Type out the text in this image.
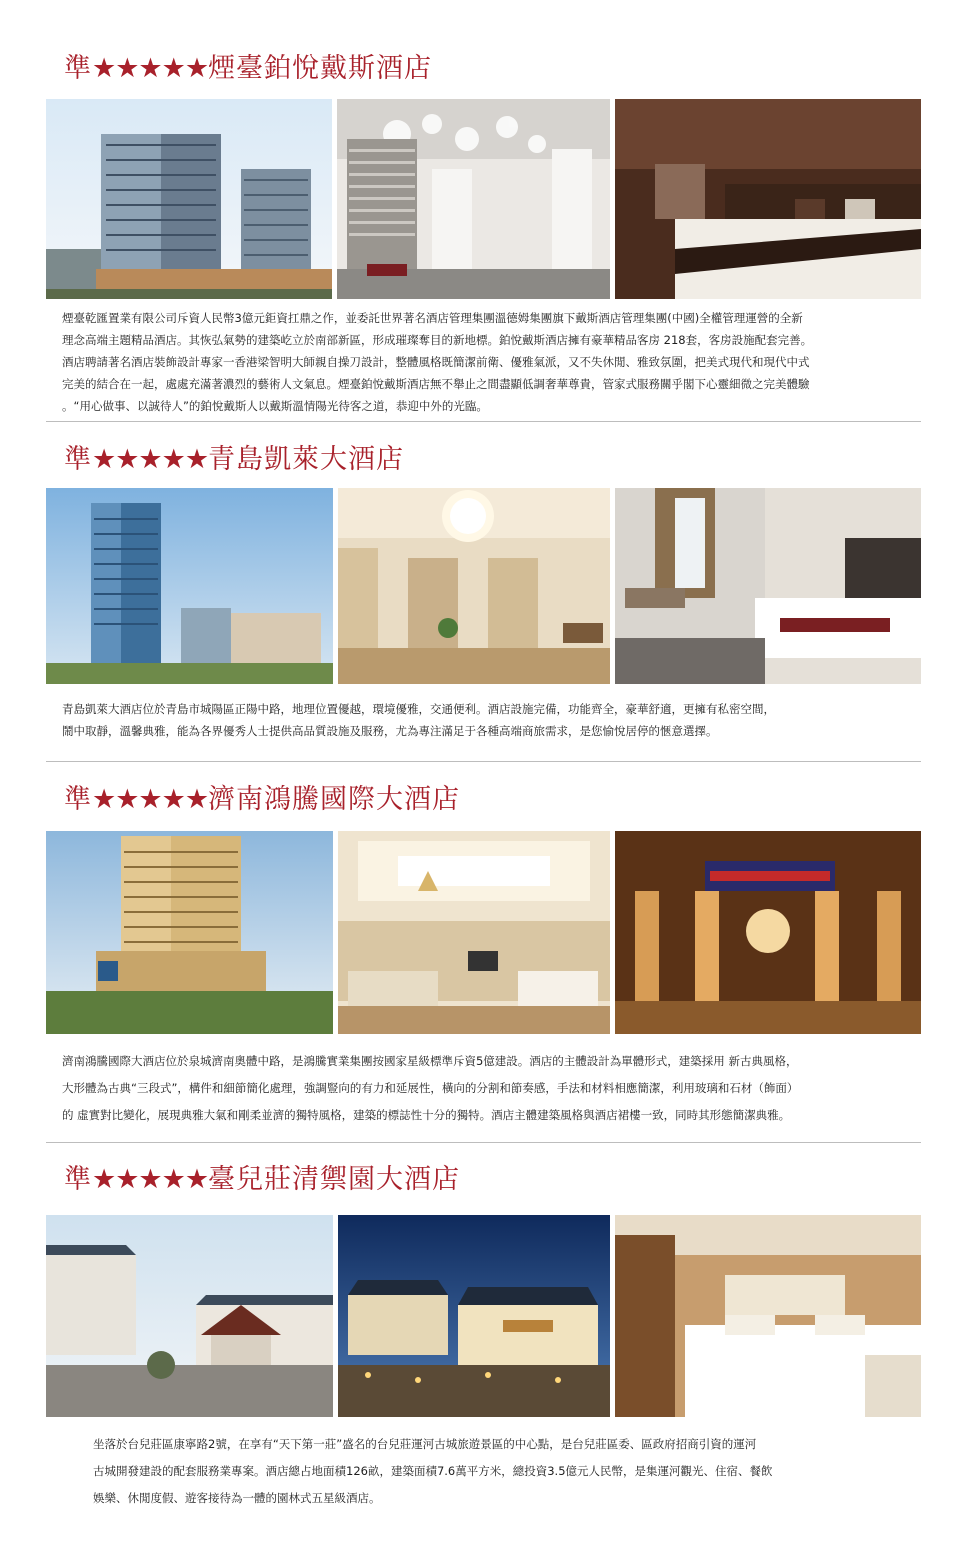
準★★★★★煙臺鉑悅戴斯酒店
煙臺乾匯置業有限公司斥資人民幣3億元鉅資扛鼎之作，並委託世界著名酒店管理集團溫德姆集團旗下戴斯酒店管理集團(中國)全權管理運營的全新
理念高端主題精品酒店。其恢弘氣勢的建築屹立於南部新區，形成璀璨奪目的新地標。鉑悅戴斯酒店擁有豪華精品客房 218套，客房設施配套完善。
酒店聘請著名酒店裝飾設計專家一香港梁智明大師親自操刀設計，整體風格既簡潔前衛、優雅氣派，又不失休閒、雅致氛圍，把美式現代和現代中式
完美的結合在一起，處處充滿著濃烈的藝術人文氣息。煙臺鉑悅戴斯酒店無不舉止之間盡顯低調奢華尊貴，管家式服務關乎閣下心靈細微之完美體驗
。“用心做事、以誠待人”的鉑悅戴斯人以戴斯溫情陽光待客之道，恭迎中外的光臨。
準★★★★★青島凱萊大酒店
青島凱萊大酒店位於青島市城陽區正陽中路，地理位置優越，環境優雅，交通便利。酒店設施完備，功能齊全，豪華舒適，更擁有私密空間，
鬧中取靜，溫馨典雅，能為各界優秀人士提供高品質設施及服務，尤為專注滿足于各種高端商旅需求，是您愉悅居停的愜意選擇。
準★★★★★濟南鴻騰國際大酒店
濟南鴻騰國際大酒店位於泉城濟南奧體中路，是鴻騰實業集團按國家星級標準斥資5億建設。酒店的主體設計為單體形式，建築採用 新古典風格，
大形體為古典“三段式”，構件和細節簡化處理，強調豎向的有力和延展性，橫向的分割和節奏感，手法和材料相應簡潔，利用玻璃和石材（飾面）
的 虛實對比變化，展現典雅大氣和剛柔並濟的獨特風格，建築的標誌性十分的獨特。酒店主體建築風格與酒店裙樓一致，同時其形態簡潔典雅。
準★★★★★臺兒莊清禦園大酒店
坐落於台兒莊區康寧路2號，在享有“天下第一莊”盛名的台兒莊運河古城旅遊景區的中心點，是台兒莊區委、區政府招商引資的運河
古城開發建設的配套服務業專案。酒店總占地面積126畝，建築面積7.6萬平方米，總投資3.5億元人民幣，是集運河觀光、住宿、餐飲
娛樂、休閒度假、遊客接待為一體的園林式五星級酒店。
